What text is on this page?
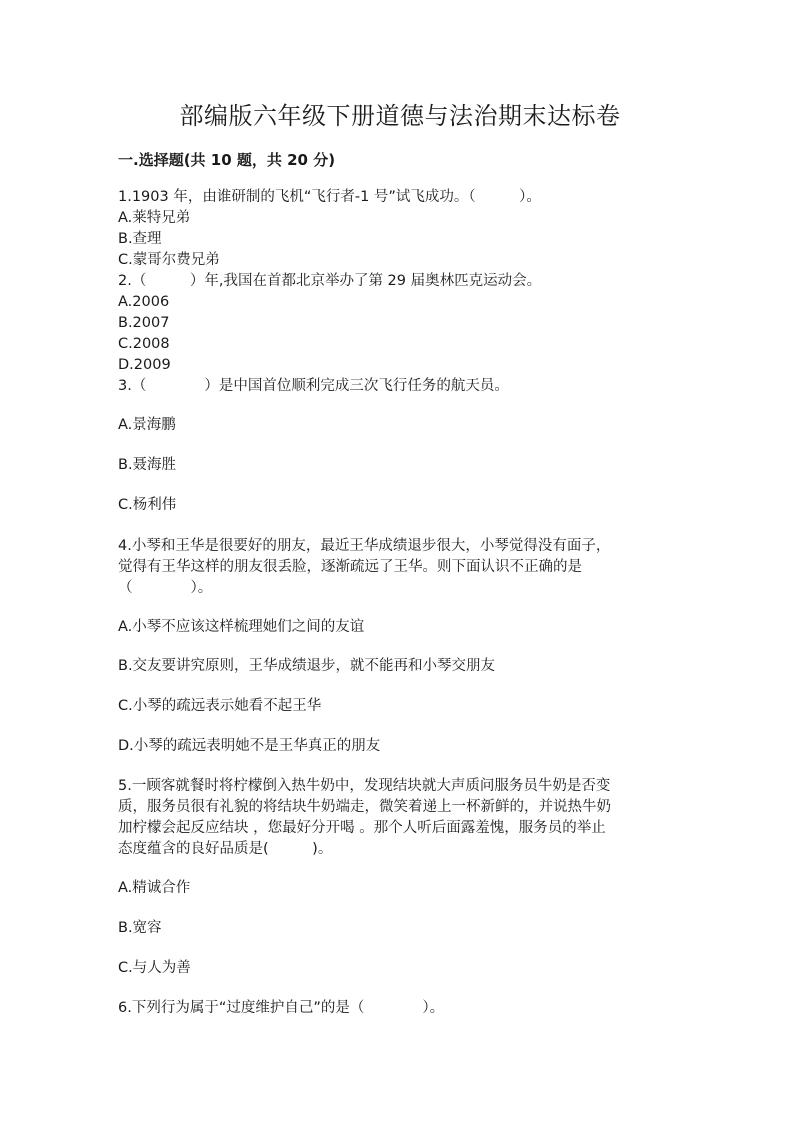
部编版六年级下册道德与法治期末达标卷
一.选择题(共 10 题，共 20 分)
1.1903 年，由谁研制的飞机“飞行者-1 号”试飞成功。（　　　）。
A.莱特兄弟
B.查理
C.蒙哥尔费兄弟
2.（　　　）年,我国在首都北京举办了第 29 届奥林匹克运动会。
A.2006
B.2007
C.2008
D.2009
3.（　　　　）是中国首位顺利完成三次飞行任务的航天员。
A.景海鹏
B.聂海胜
C.杨利伟
4.小琴和王华是很要好的朋友，最近王华成绩退步很大，小琴觉得没有面子，
觉得有王华这样的朋友很丢脸，逐渐疏远了王华。则下面认识不正确的是
（　　　　）。
A.小琴不应该这样梳理她们之间的友谊
B.交友要讲究原则，王华成绩退步，就不能再和小琴交朋友
C.小琴的疏远表示她看不起王华
D.小琴的疏远表明她不是王华真正的朋友
5.一顾客就餐时将柠檬倒入热牛奶中，发现结块就大声质问服务员牛奶是否变
质，服务员很有礼貌的将结块牛奶端走，微笑着递上一杯新鲜的，并说热牛奶
加柠檬会起反应结块 ，您最好分开喝 。那个人听后面露羞愧，服务员的举止
态度蕴含的良好品质是(　　　)。
A.精诚合作
B.宽容
C.与人为善
6.下列行为属于“过度维护自己”的是（　　　　）。
